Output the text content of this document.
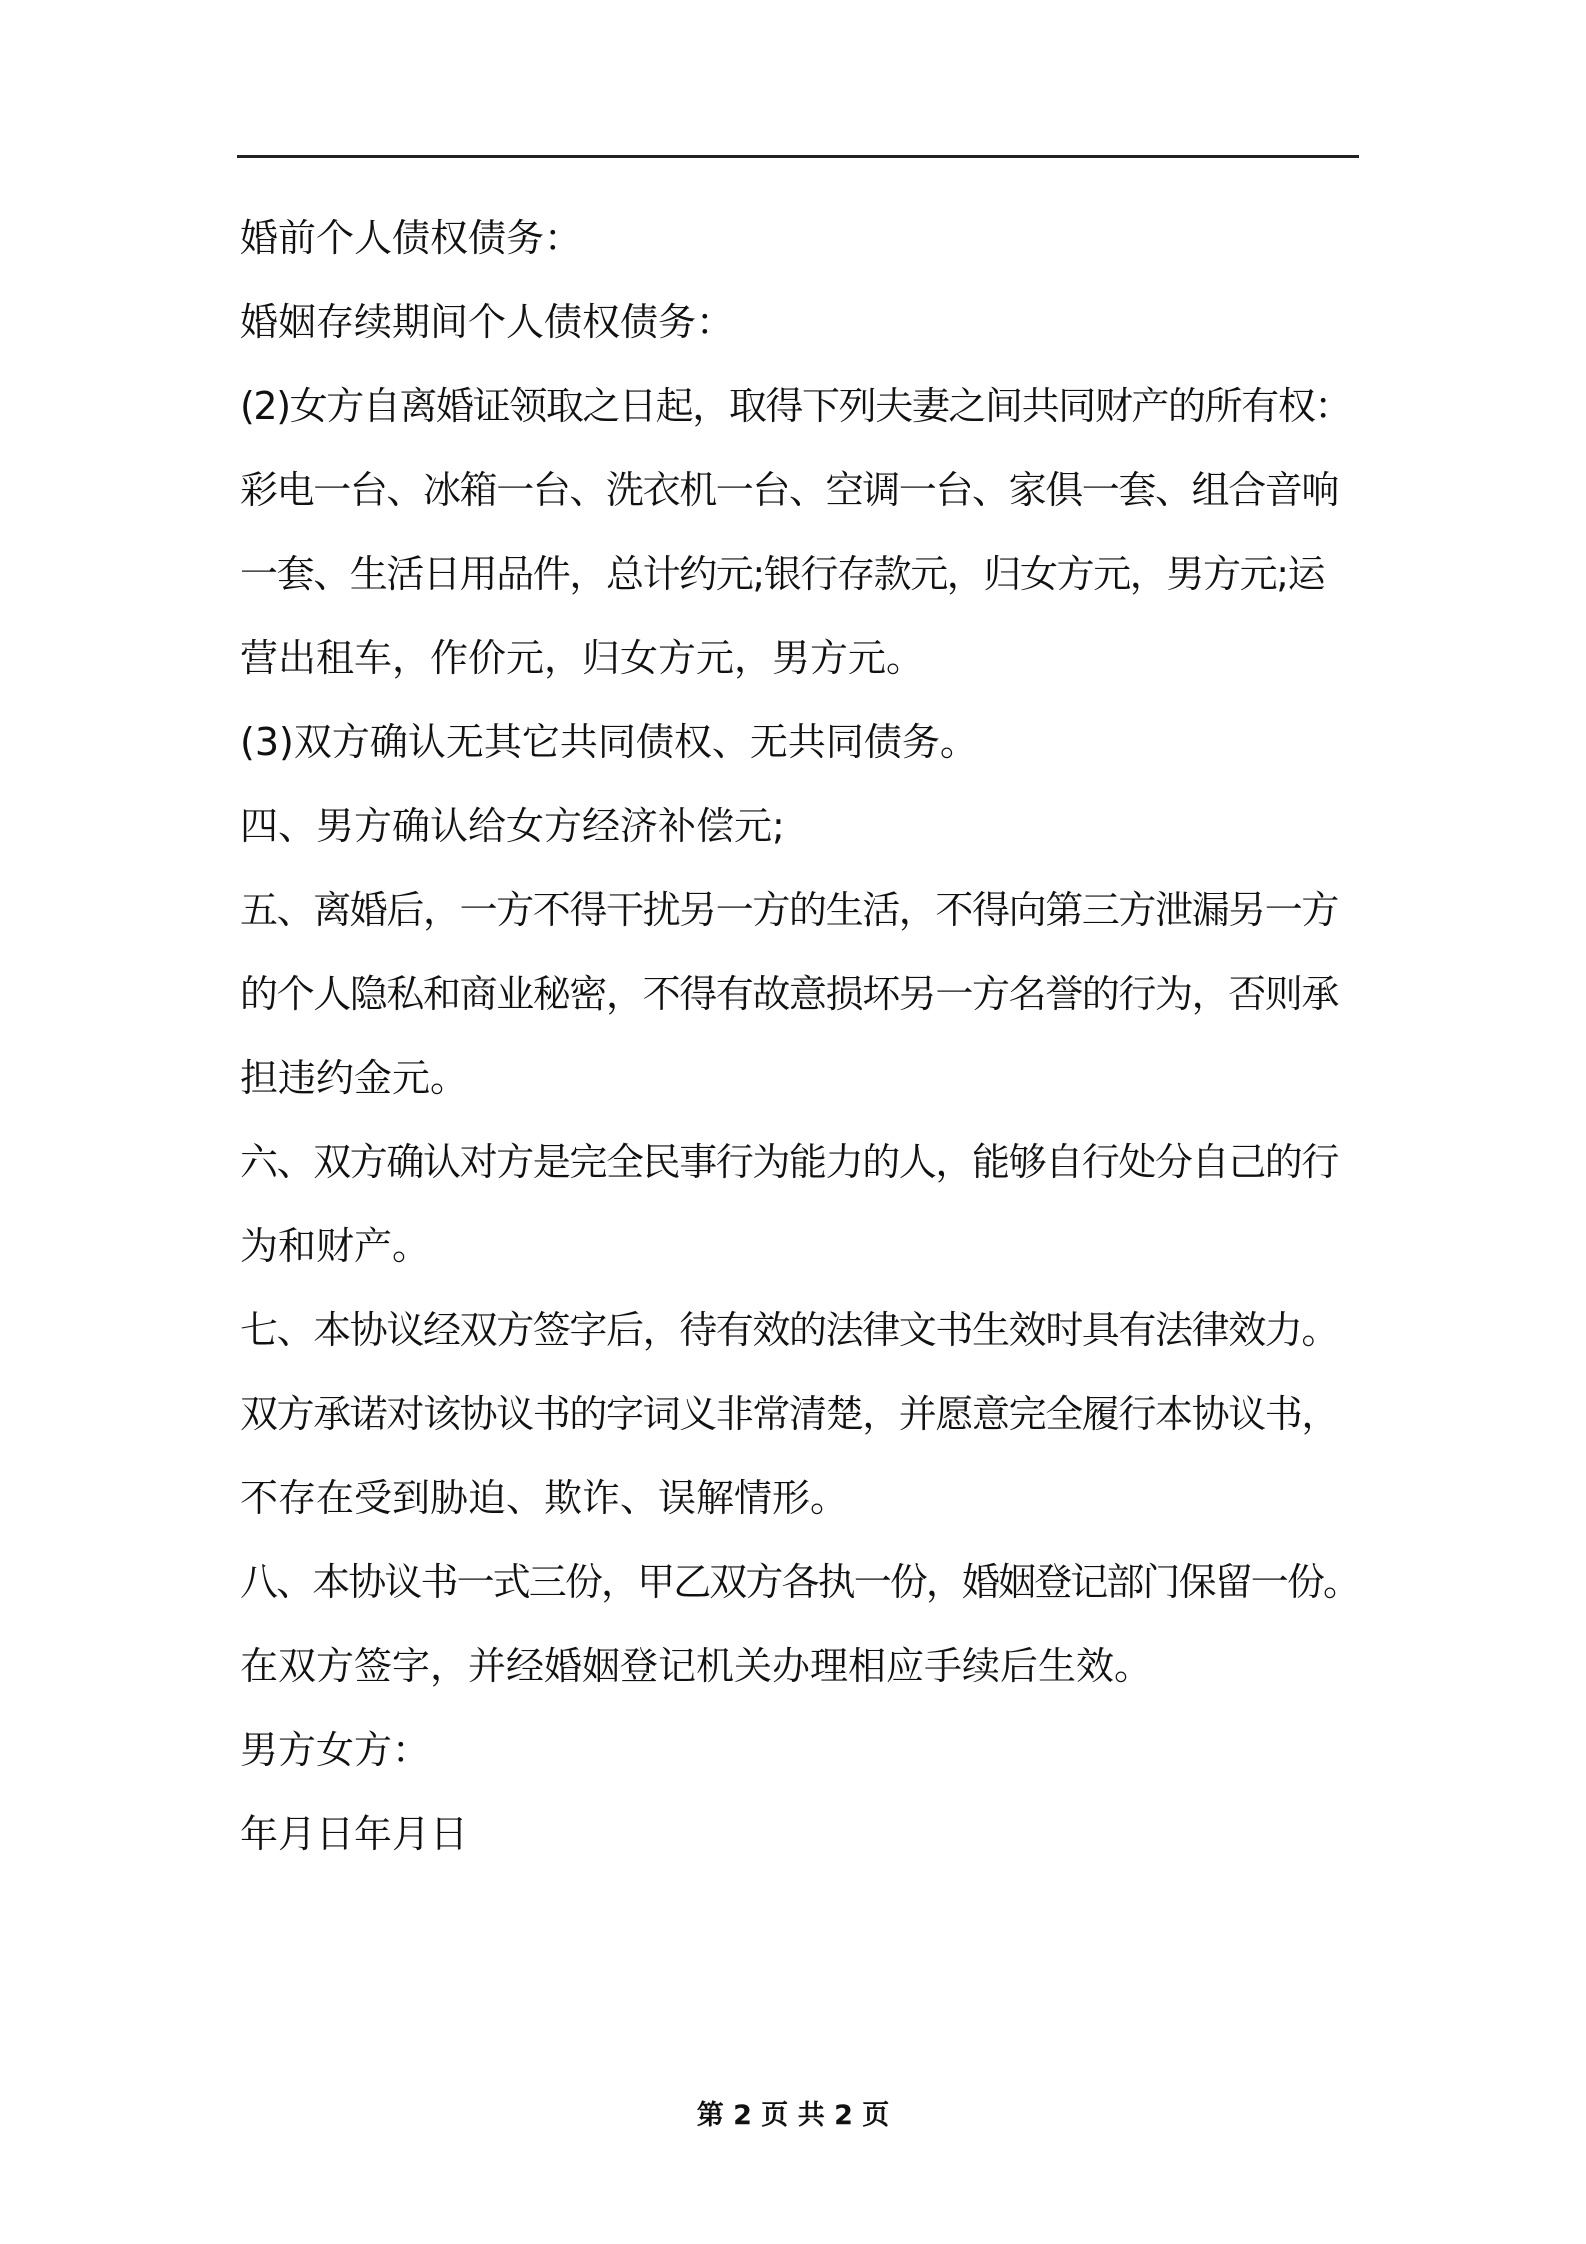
婚前个人债权债务：

婚姻存续期间个人债权债务：

(2)女方自离婚证领取之日起，取得下列夫妻之间共同财产的所有权：

彩电一台、冰箱一台、洗衣机一台、空调一台、家俱一套、组合音响

一套、生活日用品件，总计约元;银行存款元，归女方元，男方元;运

营出租车，作价元，归女方元，男方元。

(3)双方确认无其它共同债权、无共同债务。

四、男方确认给女方经济补偿元;

五、离婚后，一方不得干扰另一方的生活，不得向第三方泄漏另一方

的个人隐私和商业秘密，不得有故意损坏另一方名誉的行为，否则承

担违约金元。

六、双方确认对方是完全民事行为能力的人，能够自行处分自己的行

为和财产。

七、本协议经双方签字后，待有效的法律文书生效时具有法律效力。

双方承诺对该协议书的字词义非常清楚，并愿意完全履行本协议书，

不存在受到胁迫、欺诈、误解情形。

八、本协议书一式三份，甲乙双方各执一份，婚姻登记部门保留一份。

在双方签字，并经婚姻登记机关办理相应手续后生效。

男方女方：

年月日年月日

第 2 页 共 2 页
